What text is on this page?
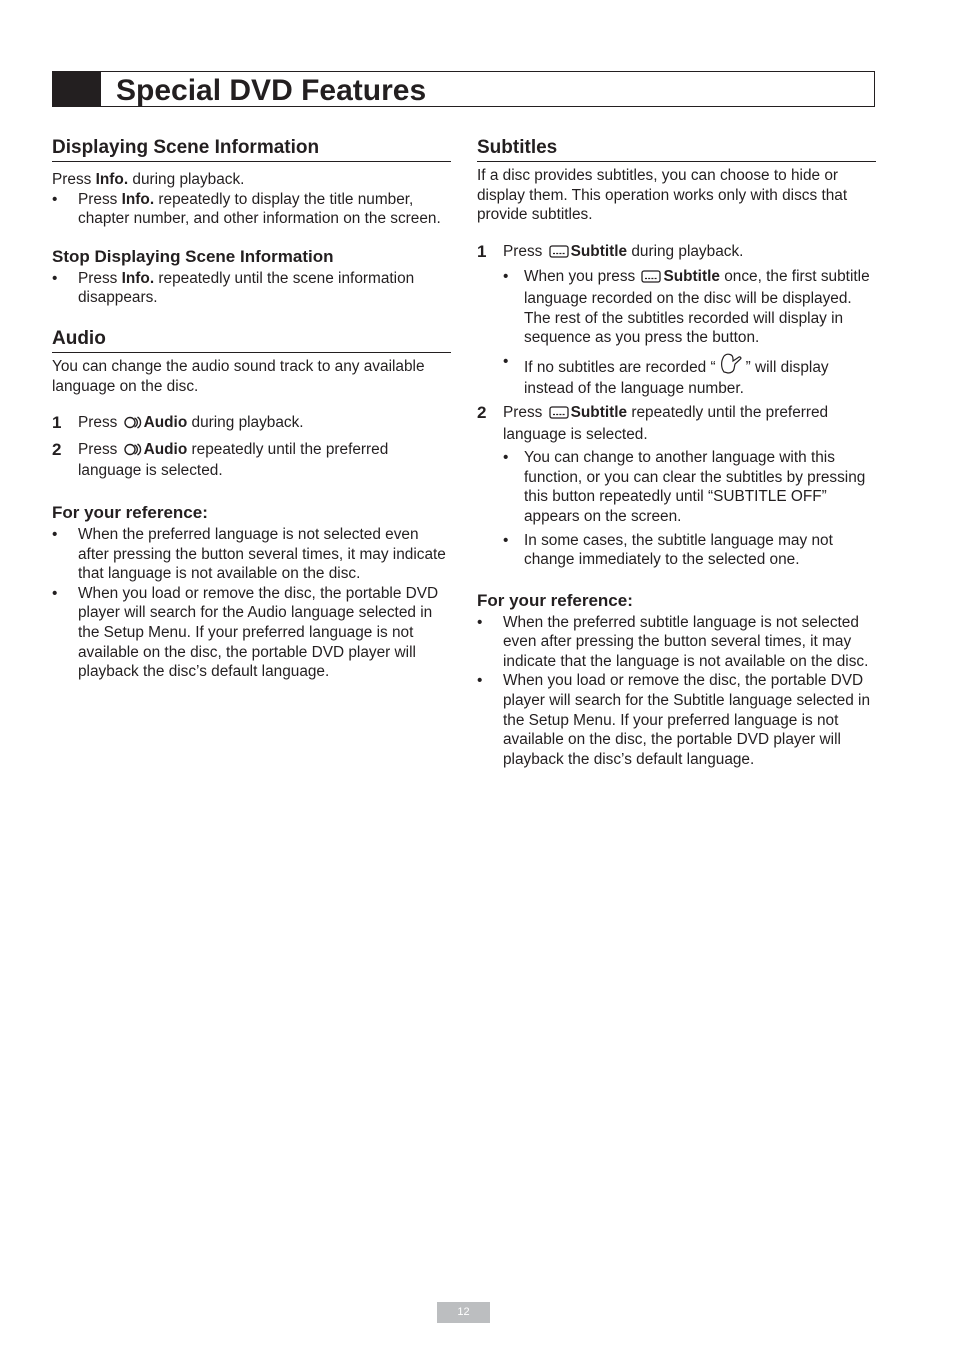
Special DVD Features
Displaying Scene Information

Press Info. during playback.

•	Press Info. repeatedly to display the title number, chapter number, and other information on the screen.
Stop Displaying Scene Information
•	Press Info. repeatedly until the scene information disappears.
Audio

You can change the audio sound track to any available language on the disc.

1 Press Audio during playback.
2 Press Audio repeatedly until the preferred language is selected.
For your reference:
•	When the preferred language is not selected even after pressing the button several times, it may indicate that language is not available on the disc.
•	When you load or remove the disc, the portable DVD player will search for the Audio language selected in the Setup Menu. If your preferred language is not available on the disc, the portable DVD player will playback the disc’s default language.
Subtitles

If a disc provides subtitles, you can choose to hide or display them. This operation works only with discs that provide subtitles.

1 Press Subtitle during playback.
•	When you press Subtitle once, the first subtitle language recorded on the disc will be displayed. The rest of the subtitles recorded will display in sequence as you press the button.
•	If no subtitles are recorded “ ” will display instead of the language number.
2 Press Subtitle repeatedly until the preferred language is selected.
•	You can change to another language with this function, or you can clear the subtitles by pressing this button repeatedly until “SUBTITLE OFF” appears on the screen.
•	In some cases, the subtitle language may not change immediately to the selected one.
For your reference:
•	When the preferred subtitle language is not selected even after pressing the button several times, it may indicate that the language is not available on the disc.
•	When you load or remove the disc, the portable DVD player will search for the Subtitle language selected in the Setup Menu. If your preferred language is not available on the disc, the portable DVD player will playback the disc’s default language.
12
